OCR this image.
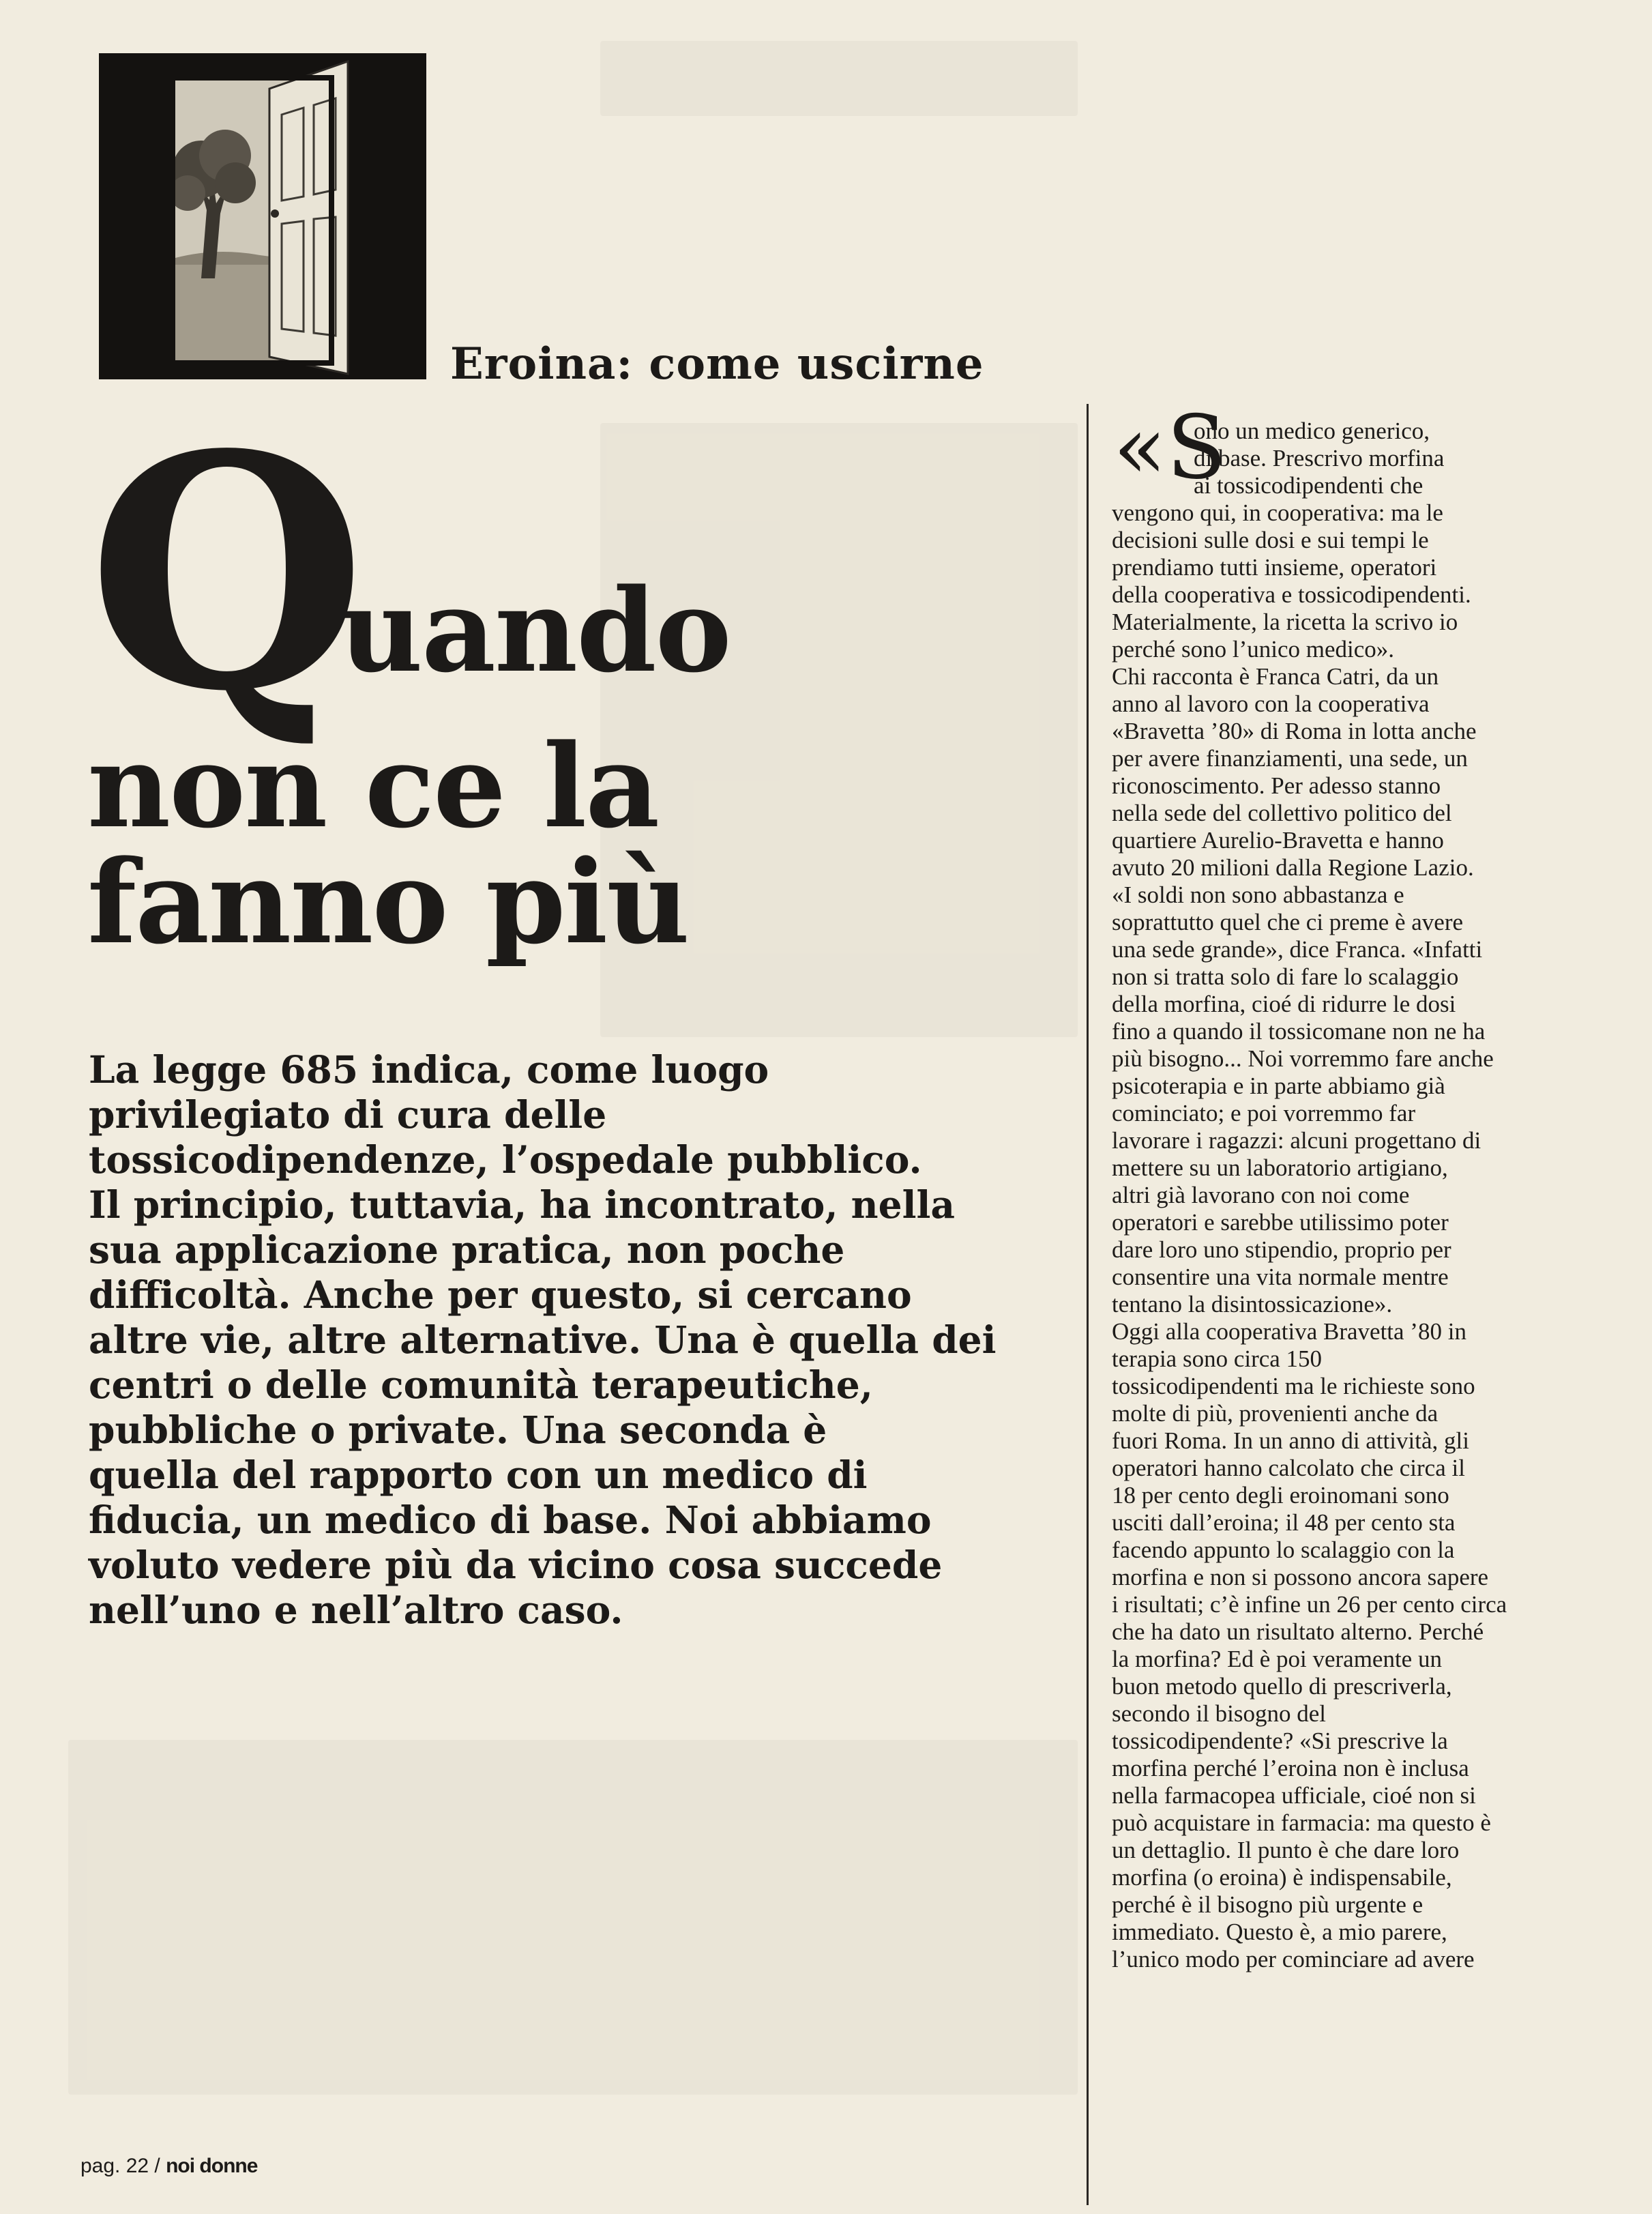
Eroina: come uscirne
Q
uando
non ce la
fanno più
La legge 685 indica, come luogo
privilegiato di cura delle
tossicodipendenze, l’ospedale pubblico.
Il principio, tuttavia, ha incontrato, nella
sua applicazione pratica, non poche
difficoltà. Anche per questo, si cercano
altre vie, altre alternative. Una è quella dei
centri o delle comunità terapeutiche,
pubbliche o private. Una seconda è
quella del rapporto con un medico di
fiducia, un medico di base. Noi abbiamo
voluto vedere più da vicino cosa succede
nell’uno e nell’altro caso.
«S
ono un medico generico,
di base. Prescrivo morfina
ai tossicodipendenti che
vengono qui, in cooperativa: ma le
decisioni sulle dosi e sui tempi le
prendiamo tutti insieme, operatori
della cooperativa e tossicodipendenti.
Materialmente, la ricetta la scrivo io
perché sono l’unico medico».
Chi racconta è Franca Catri, da un
anno al lavoro con la cooperativa
«Bravetta ’80» di Roma in lotta anche
per avere finanziamenti, una sede, un
riconoscimento. Per adesso stanno
nella sede del collettivo politico del
quartiere Aurelio-Bravetta e hanno
avuto 20 milioni dalla Regione Lazio.
«I soldi non sono abbastanza e
soprattutto quel che ci preme è avere
una sede grande», dice Franca. «Infatti
non si tratta solo di fare lo scalaggio
della morfina, cioé di ridurre le dosi
fino a quando il tossicomane non ne ha
più bisogno... Noi vorremmo fare anche
psicoterapia e in parte abbiamo già
cominciato; e poi vorremmo far
lavorare i ragazzi: alcuni progettano di
mettere su un laboratorio artigiano,
altri già lavorano con noi come
operatori e sarebbe utilissimo poter
dare loro uno stipendio, proprio per
consentire una vita normale mentre
tentano la disintossicazione».
Oggi alla cooperativa Bravetta ’80 in
terapia sono circa 150
tossicodipendenti ma le richieste sono
molte di più, provenienti anche da
fuori Roma. In un anno di attività, gli
operatori hanno calcolato che circa il
18 per cento degli eroinomani sono
usciti dall’eroina; il 48 per cento sta
facendo appunto lo scalaggio con la
morfina e non si possono ancora sapere
i risultati; c’è infine un 26 per cento circa
che ha dato un risultato alterno. Perché
la morfina? Ed è poi veramente un
buon metodo quello di prescriverla,
secondo il bisogno del
tossicodipendente? «Si prescrive la
morfina perché l’eroina non è inclusa
nella farmacopea ufficiale, cioé non si
può acquistare in farmacia: ma questo è
un dettaglio. Il punto è che dare loro
morfina (o eroina) è indispensabile,
perché è il bisogno più urgente e
immediato. Questo è, a mio parere,
l’unico modo per cominciare ad avere
pag. 22 / noi donne
